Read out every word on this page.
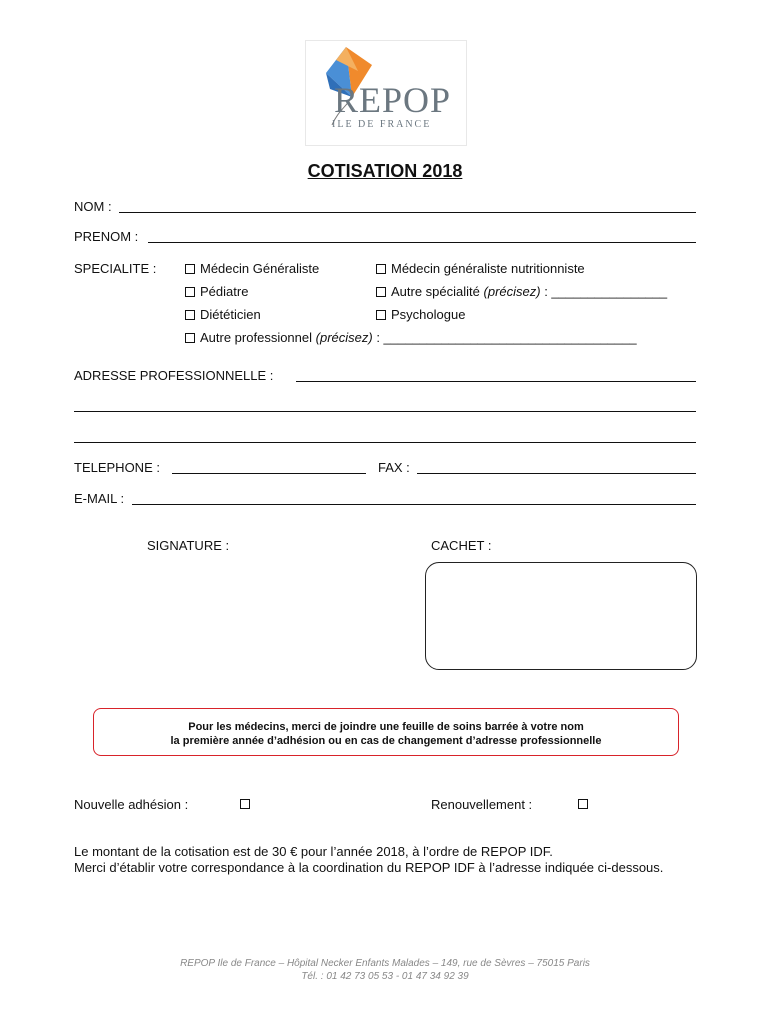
REPOP
ILE DE FRANCE
COTISATION 2018
NOM :
PRENOM :
SPECIALITE :	Médecin Généraliste	Médecin généraliste nutritionniste
Pédiatre	Autre spécialité (précisez) : ________________
Diététicien	Psychologue
Autre professionnel (précisez) : ___________________________________
ADRESSE PROFESSIONNELLE :
TELEPHONE :	FAX :
E-MAIL :
SIGNATURE :	CACHET :
Pour les médecins, merci de joindre une feuille de soins barrée à votre nom
la première année d’adhésion ou en cas de changement d’adresse professionnelle
Nouvelle adhésion :	Renouvellement :
Le montant de la cotisation est de 30 € pour l’année 2018, à l’ordre de REPOP IDF.
Merci d’établir votre correspondance à la coordination du REPOP IDF à l’adresse indiquée ci-dessous.
REPOP Ile de France – Hôpital Necker Enfants Malades – 149, rue de Sèvres – 75015 Paris
Tél. : 01 42 73 05 53 - 01 47 34 92 39
